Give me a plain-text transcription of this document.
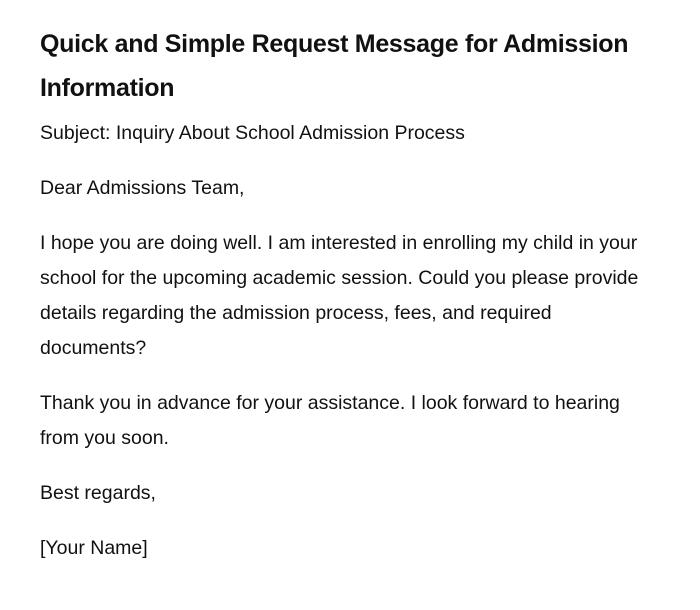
Quick and Simple Request Message for Admission Information

Subject: Inquiry About School Admission Process

Dear Admissions Team,

I hope you are doing well. I am interested in enrolling my child in your school for the upcoming academic session. Could you please provide details regarding the admission process, fees, and required documents?

Thank you in advance for your assistance. I look forward to hearing from you soon.

Best regards,

[Your Name]
